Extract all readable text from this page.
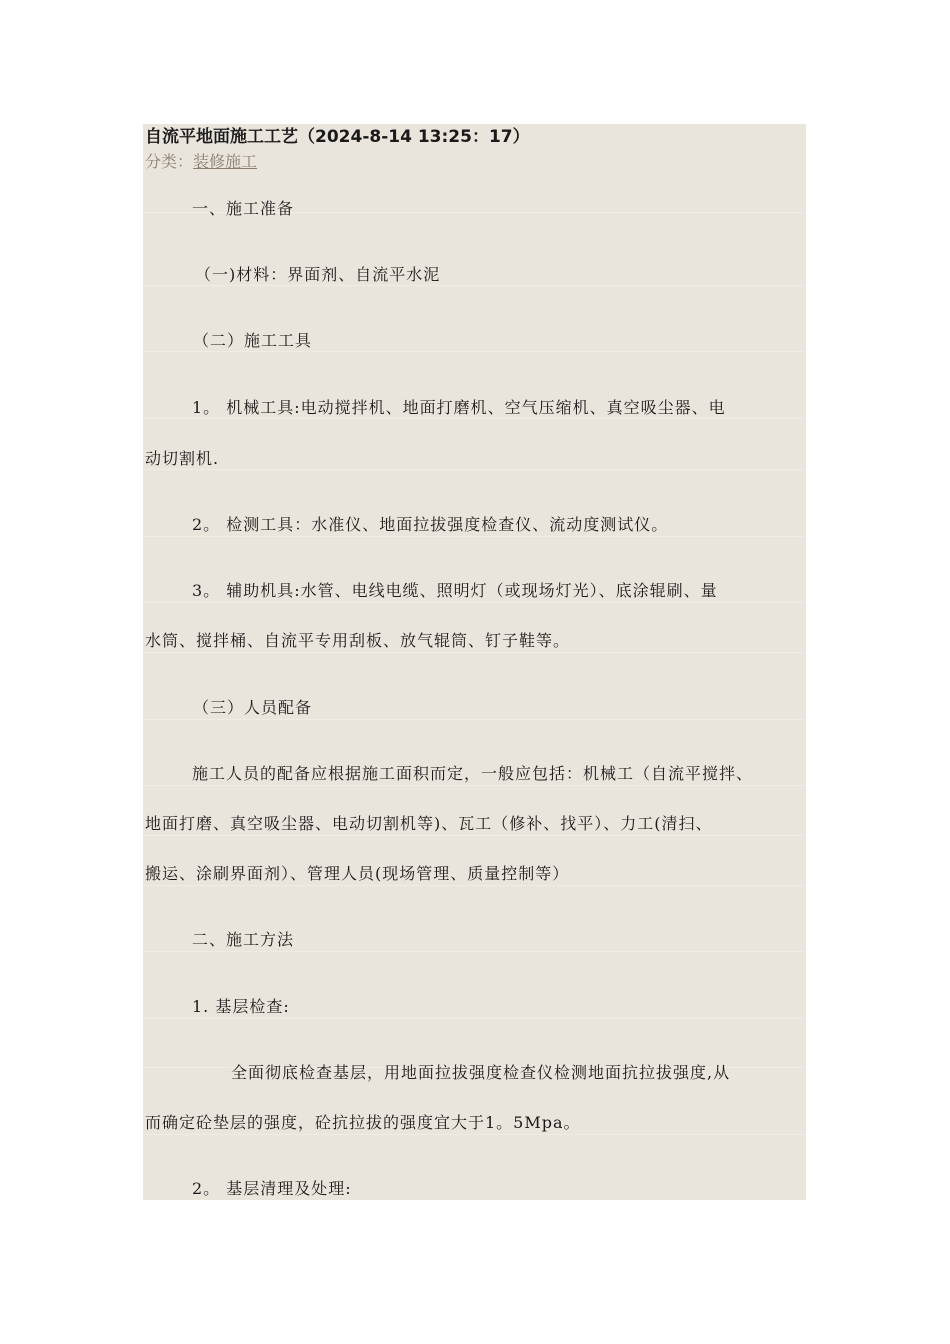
自流平地面施工工艺（2024-8-14 13:25：17）
分类：装修施工
一、施工准备
（一)材料：界面剂、自流平水泥
（二）施工工具
1。 机械工具:电动搅拌机、地面打磨机、空气压缩机、真空吸尘器、电
动切割机.
2。 检测工具：水准仪、地面拉拔强度检查仪、流动度测试仪。
3。 辅助机具:水管、电线电缆、照明灯（或现场灯光）、底涂辊刷、量
水筒、搅拌桶、自流平专用刮板、放气辊筒、钉子鞋等。
（三）人员配备
施工人员的配备应根据施工面积而定，一般应包括：机械工（自流平搅拌、
地面打磨、真空吸尘器、电动切割机等)、瓦工（修补、找平）、力工(清扫、
搬运、涂刷界面剂）、管理人员(现场管理、质量控制等）
二、施工方法
1. 基层检查:
全面彻底检查基层，用地面拉拔强度检查仪检测地面抗拉拔强度,从
而确定砼垫层的强度，砼抗拉拔的强度宜大于1。5Mpa。
2。 基层清理及处理:
